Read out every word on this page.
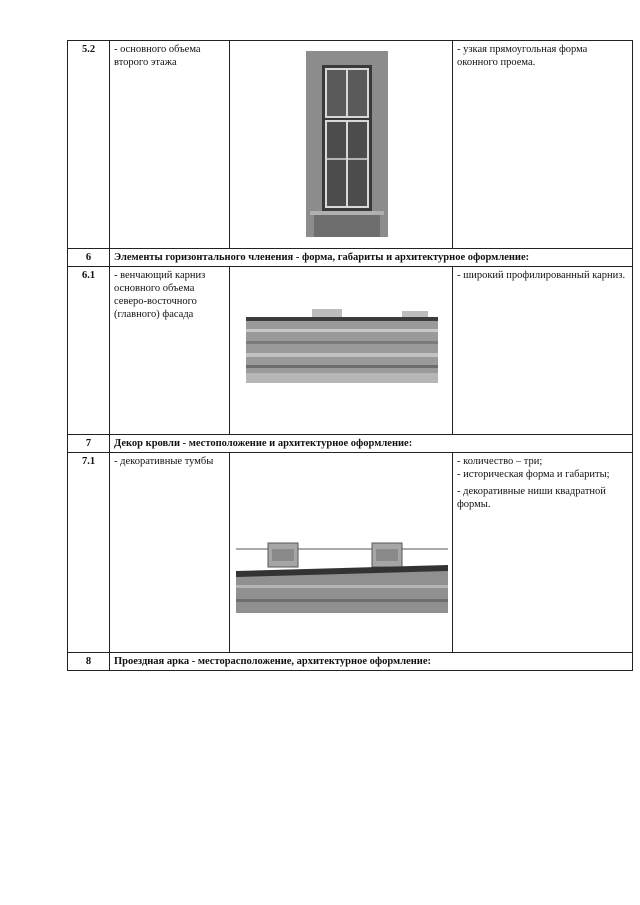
5.2	- основного объема второго этажа		- узкая прямоугольная форма оконного проема.

6	Элементы горизонтального членения - форма, габариты и архитектурное оформление:		
6.1	- венчающий карниз основного объема северо-восточного (главного) фасада		- широкий профилированный карниз.

7	Декор кровли - местоположение и архитектурное оформление:		
7.1	- декоративные тумбы		- количество – три;
- историческая форма и габариты;
- декоративные ниши квадратной формы.

8	Проездная арка - месторасположение, архитектурное оформление:		
